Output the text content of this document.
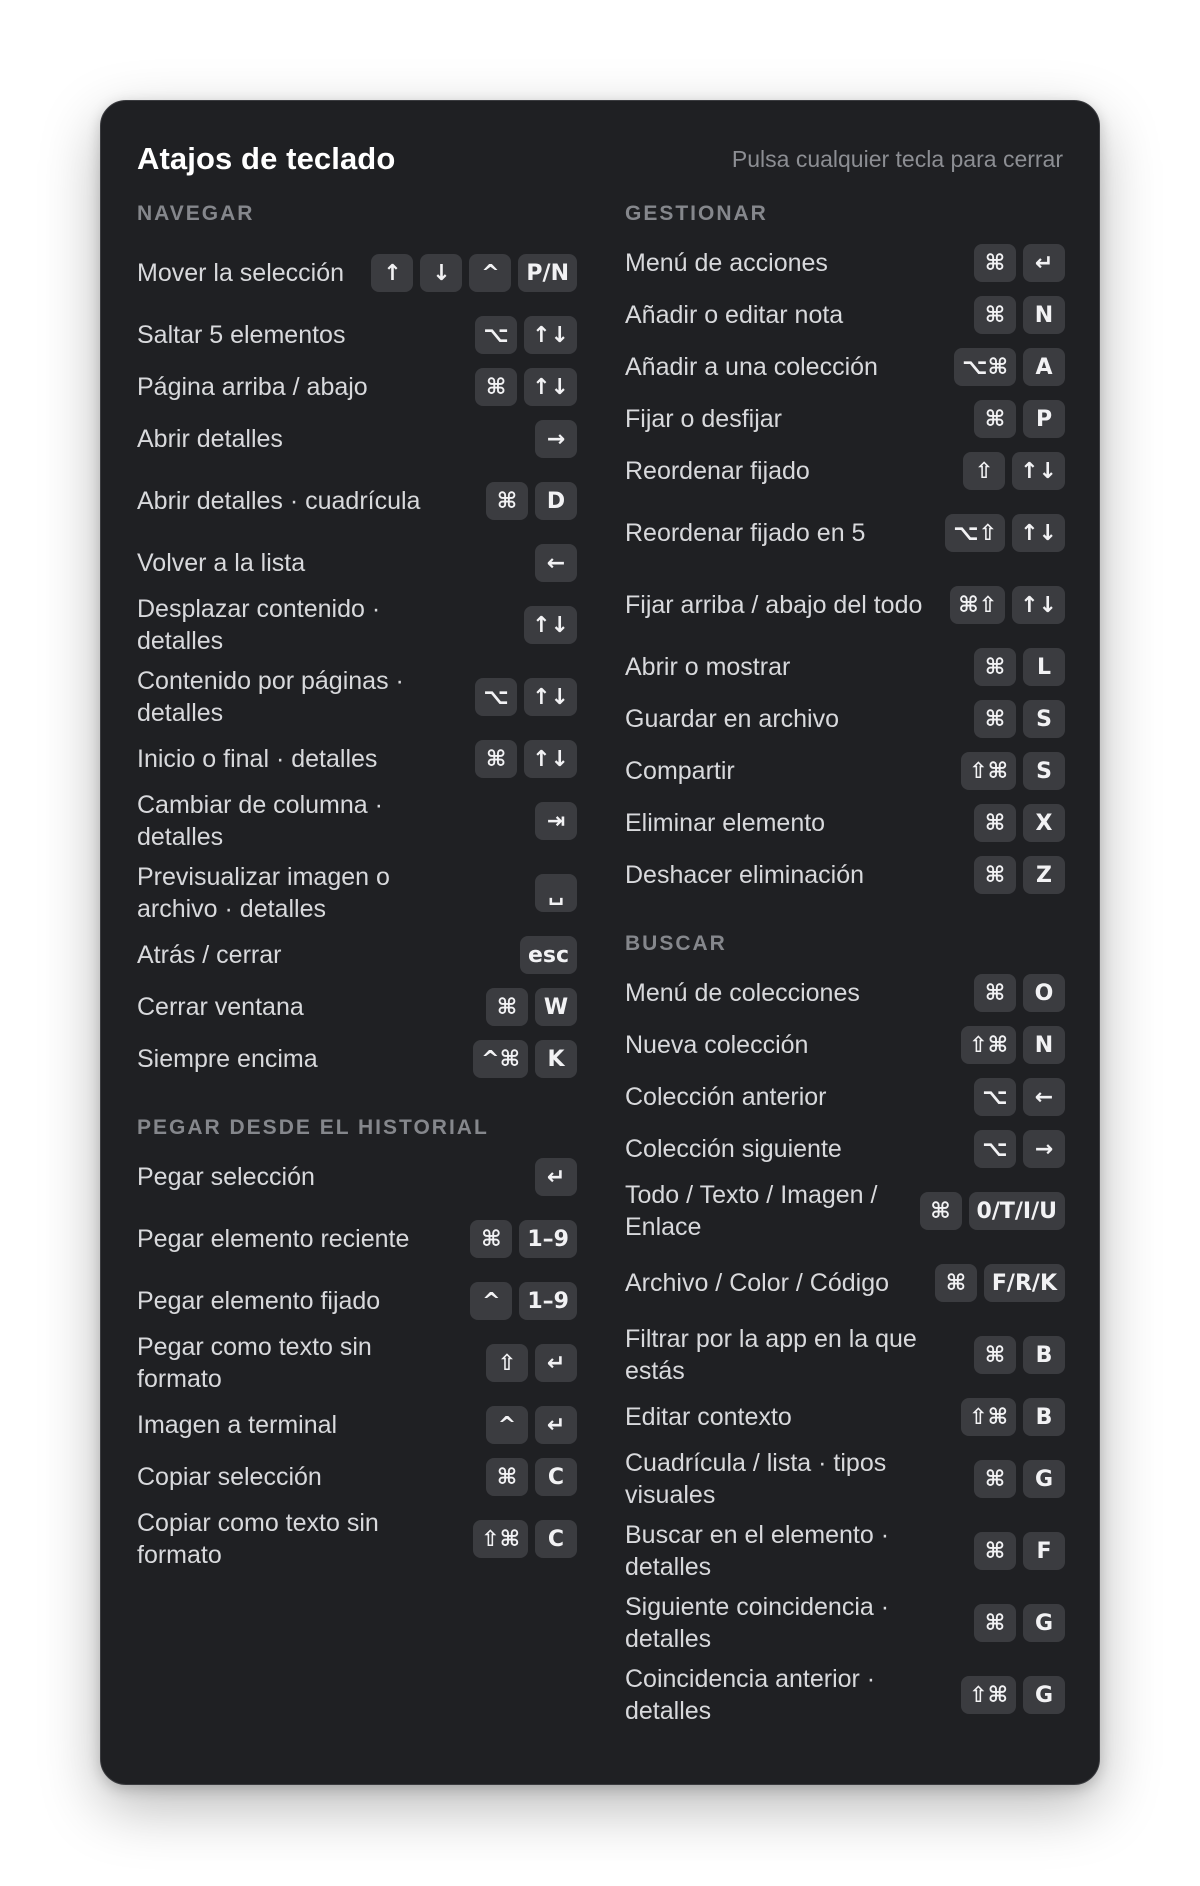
Atajos de teclado	Pulsa cualquier tecla para cerrar
NAVEGAR
Mover la selección	↑	↓	^	P/N
Saltar 5 elementos	⌥	↑↓
Página arriba / abajo	⌘	↑↓
Abrir detalles	→
Abrir detalles · cuadrícula	⌘	D
Volver a la lista	←
Desplazar contenido · detalles
↑↓
Contenido por páginas · detalles
⌥	↑↓
Inicio o final · detalles	⌘	↑↓
Cambiar de columna · detalles
⇥
Previsualizar imagen o archivo · detalles
␣
Atrás / cerrar	esc
Cerrar ventana	⌘	W
Siempre encima	^⌘	K
PEGAR DESDE EL HISTORIAL
Pegar selección	↵
Pegar elemento reciente	⌘	1–9
Pegar elemento fijado	^	1–9
Pegar como texto sin formato
⇧	↵
Imagen a terminal	^	↵
Copiar selección	⌘	C
Copiar como texto sin formato
⇧⌘	C
GESTIONAR
Menú de acciones	⌘	↵
Añadir o editar nota	⌘	N
Añadir a una colección	⌥⌘	A
Fijar o desfijar	⌘	P
Reordenar fijado	⇧	↑↓
Reordenar fijado en 5	⌥⇧	↑↓
Fijar arriba / abajo del todo	⌘⇧	↑↓
Abrir o mostrar	⌘	L
Guardar en archivo	⌘	S
Compartir	⇧⌘	S
Eliminar elemento	⌘	X
Deshacer eliminación	⌘	Z
BUSCAR
Menú de colecciones	⌘	O
Nueva colección	⇧⌘	N
Colección anterior	⌥	←
Colección siguiente	⌥	→
Todo / Texto / Imagen / Enlace
⌘	0/T/I/U
Archivo / Color / Código	⌘	F/R/K
Filtrar por la app en la que estás
⌘	B
Editar contexto	⇧⌘	B
Cuadrícula / lista · tipos visuales
⌘	G
Buscar en el elemento · detalles
⌘	F
Siguiente coincidencia · detalles
⌘	G
Coincidencia anterior · detalles
⇧⌘	G
